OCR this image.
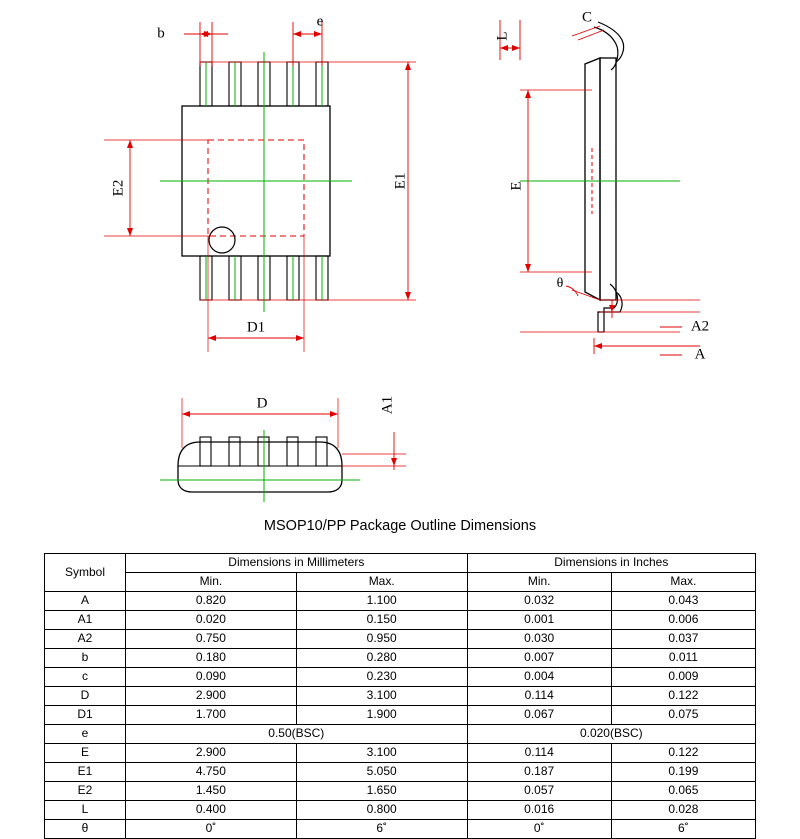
b
e
E1
E2
D1
L
C
E
θ
A2
A
D	A1
MSOP10/PP Package Outline Dimensions
Symbol	Dimensions in Millimeters		Dimensions in Inches	
	Min.	Max.	Min.	Max.
A	0.820	1.100	0.032	0.043
A1	0.020	0.150	0.001	0.006
A2	0.750	0.950	0.030	0.037
b	0.180	0.280	0.007	0.011
c	0.090	0.230	0.004	0.009
D	2.900	3.100	0.114	0.122
D1	1.700	1.900	0.067	0.075
e	0.50(BSC)		0.020(BSC)	
E	2.900	3.100	0.114	0.122
E1	4.750	5.050	0.187	0.199
E2	1.450	1.650	0.057	0.065
L	0.400	0.800	0.016	0.028
θ	0˚	6˚	0˚	6˚
